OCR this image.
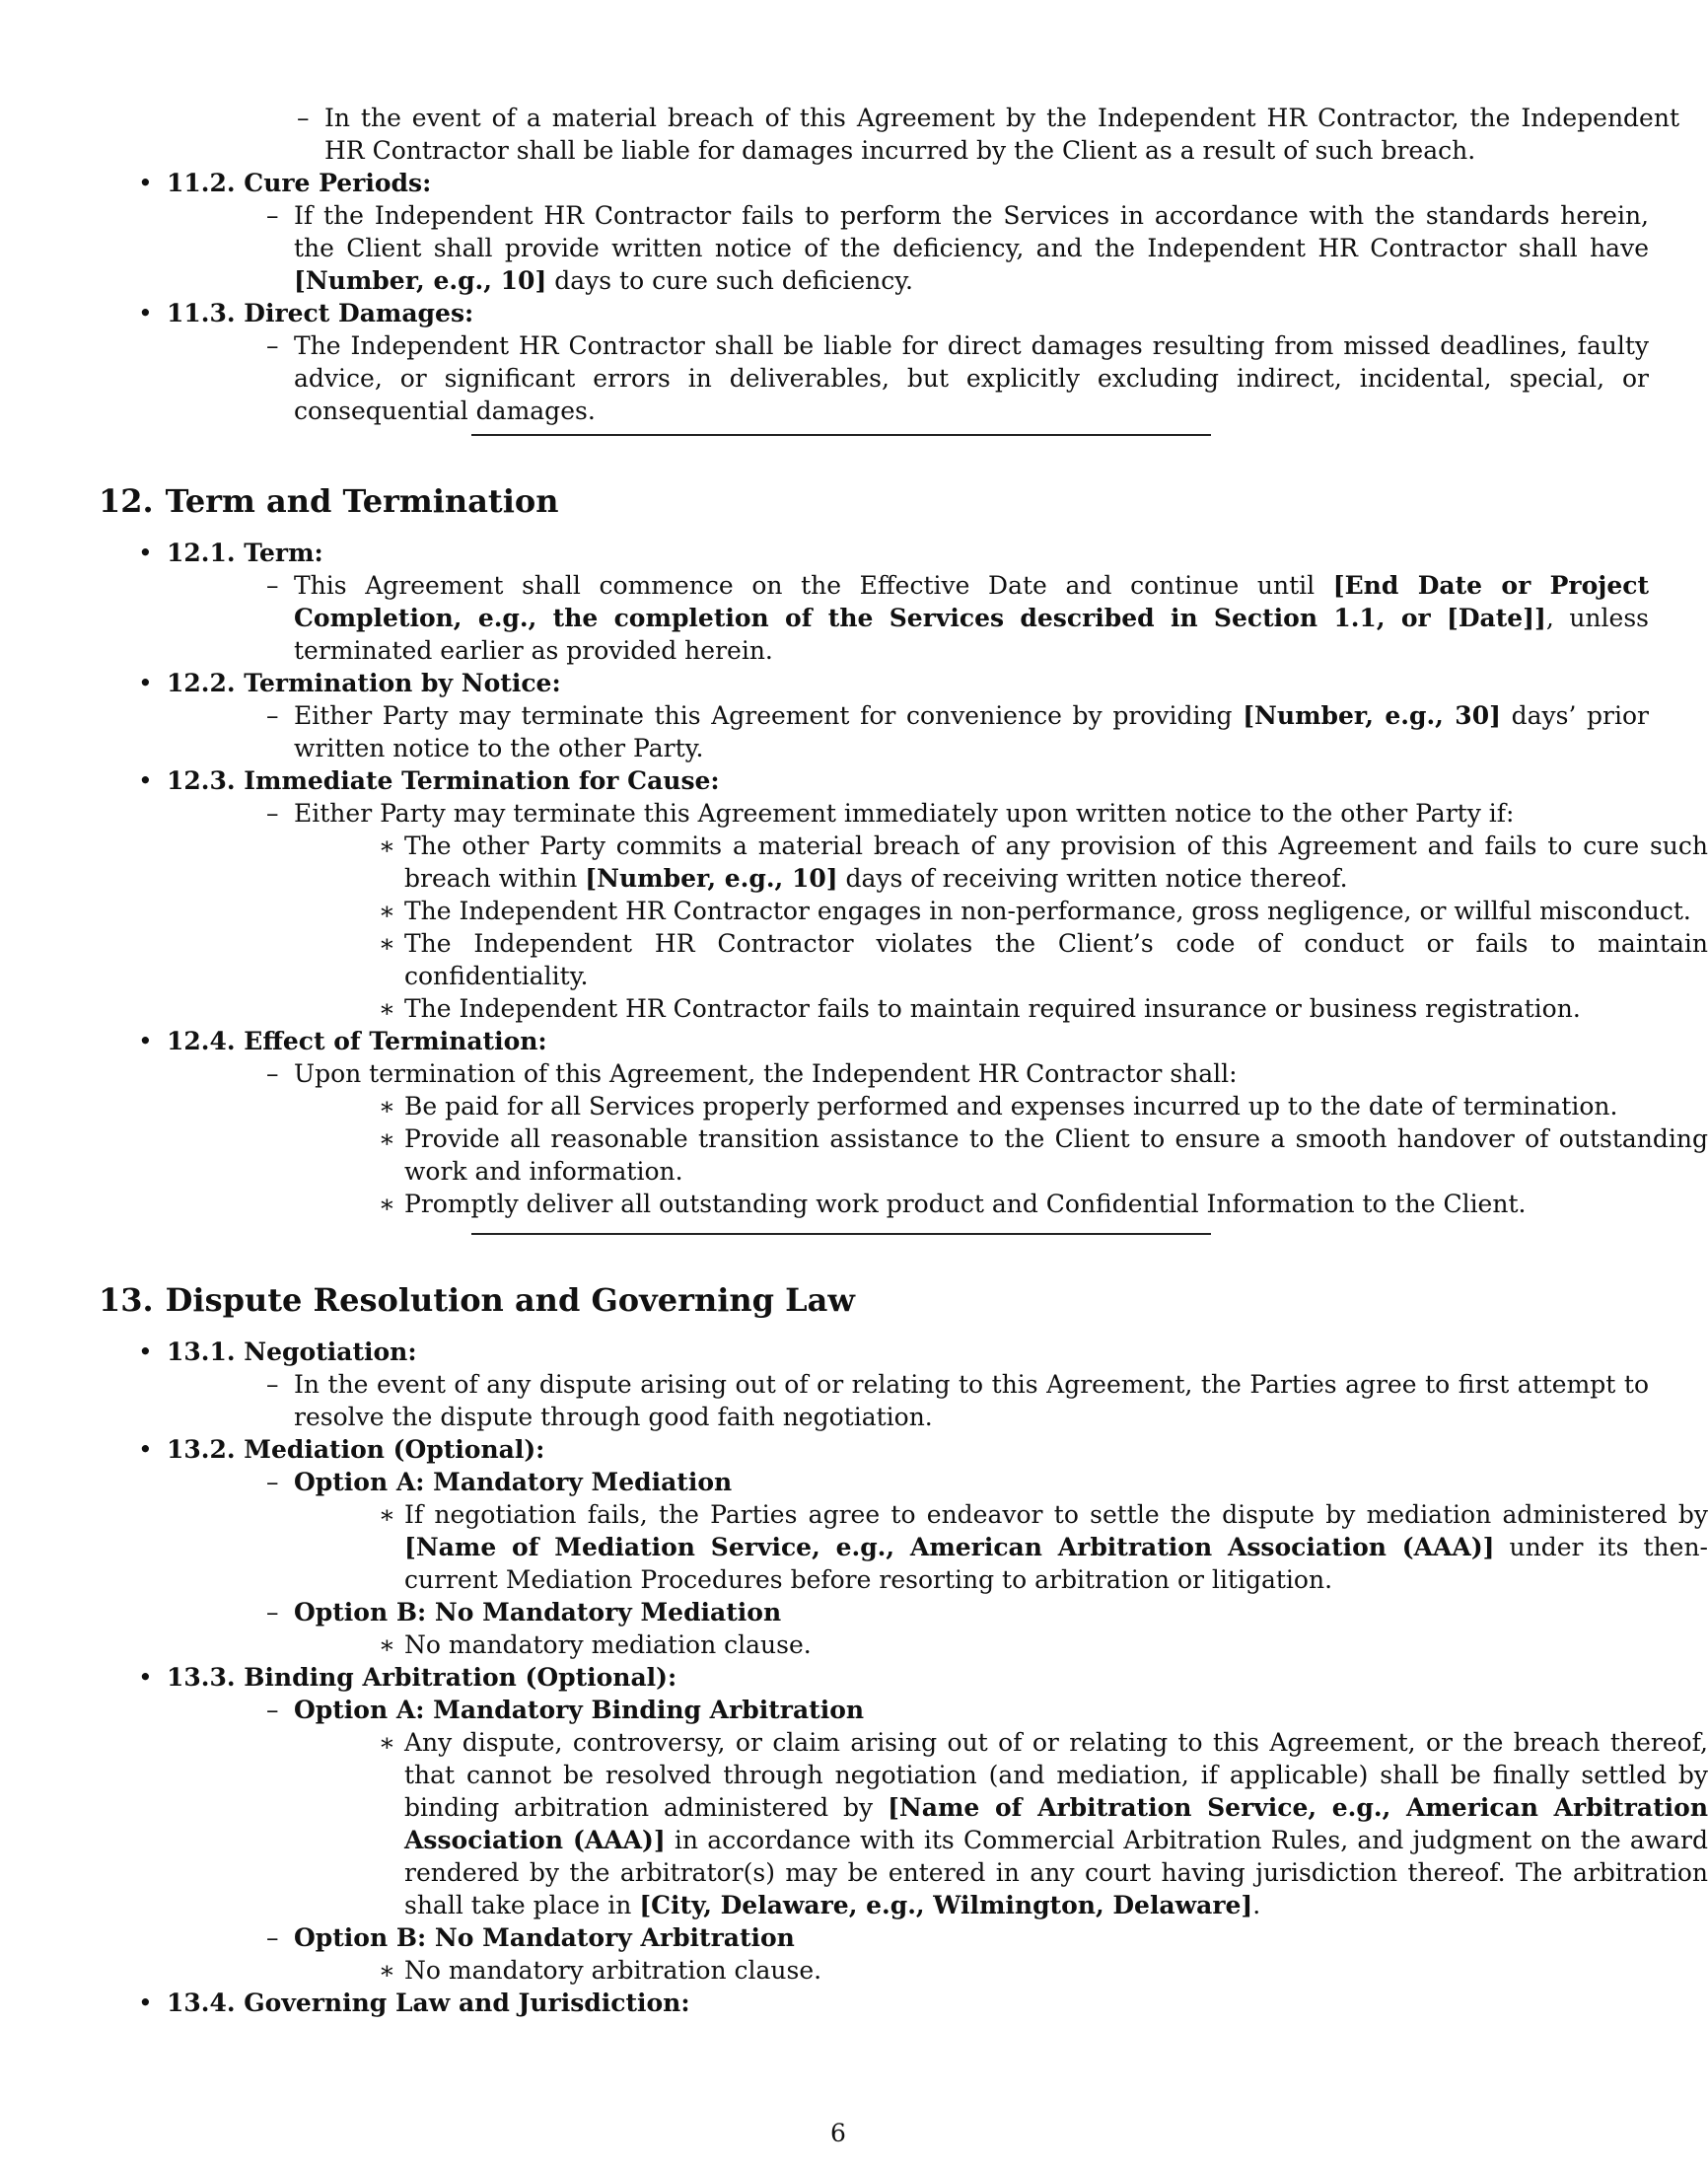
– In the event of a material breach of this Agreement by the Independent HR Contractor, the Independent HR Contractor shall be liable for damages incurred by the Client as a result of such breach.
• 11.2. Cure Periods:
– If the Independent HR Contractor fails to perform the Services in accordance with the standards herein, the Client shall provide written notice of the deficiency, and the Independent HR Contractor shall have [Number, e.g., 10] days to cure such deficiency.
• 11.3. Direct Damages:
– The Independent HR Contractor shall be liable for direct damages resulting from missed deadlines, faulty advice, or significant errors in deliverables, but explicitly excluding indirect, incidental, special, or consequential damages.
12. Term and Termination
• 12.1. Term:
– This Agreement shall commence on the Effective Date and continue until [End Date or Project Completion, e.g., the completion of the Services described in Section 1.1, or [Date]], unless terminated earlier as provided herein.
• 12.2. Termination by Notice:
– Either Party may terminate this Agreement for convenience by providing [Number, e.g., 30] days’ prior written notice to the other Party.
• 12.3. Immediate Termination for Cause:
– Either Party may terminate this Agreement immediately upon written notice to the other Party if:
∗ The other Party commits a material breach of any provision of this Agreement and fails to cure such breach within [Number, e.g., 10] days of receiving written notice thereof.
∗ The Independent HR Contractor engages in non-performance, gross negligence, or willful misconduct.
∗ The Independent HR Contractor violates the Client’s code of conduct or fails to maintain confidentiality.
∗ The Independent HR Contractor fails to maintain required insurance or business registration.
• 12.4. Effect of Termination:
– Upon termination of this Agreement, the Independent HR Contractor shall:
∗ Be paid for all Services properly performed and expenses incurred up to the date of termination.
∗ Provide all reasonable transition assistance to the Client to ensure a smooth handover of outstanding work and information.
∗ Promptly deliver all outstanding work product and Confidential Information to the Client.
13. Dispute Resolution and Governing Law
• 13.1. Negotiation:
– In the event of any dispute arising out of or relating to this Agreement, the Parties agree to first attempt to resolve the dispute through good faith negotiation.
• 13.2. Mediation (Optional):
– Option A: Mandatory Mediation
∗ If negotiation fails, the Parties agree to endeavor to settle the dispute by mediation administered by [Name of Mediation Service, e.g., American Arbitration Association (AAA)] under its then-current Mediation Procedures before resorting to arbitration or litigation.
– Option B: No Mandatory Mediation
∗ No mandatory mediation clause.
• 13.3. Binding Arbitration (Optional):
– Option A: Mandatory Binding Arbitration
∗ Any dispute, controversy, or claim arising out of or relating to this Agreement, or the breach thereof, that cannot be resolved through negotiation (and mediation, if applicable) shall be finally settled by binding arbitration administered by [Name of Arbitration Service, e.g., American Arbitration Association (AAA)] in accordance with its Commercial Arbitration Rules, and judgment on the award rendered by the arbitrator(s) may be entered in any court having jurisdiction thereof. The arbitration shall take place in [City, Delaware, e.g., Wilmington, Delaware].
– Option B: No Mandatory Arbitration
∗ No mandatory arbitration clause.
• 13.4. Governing Law and Jurisdiction:
6
